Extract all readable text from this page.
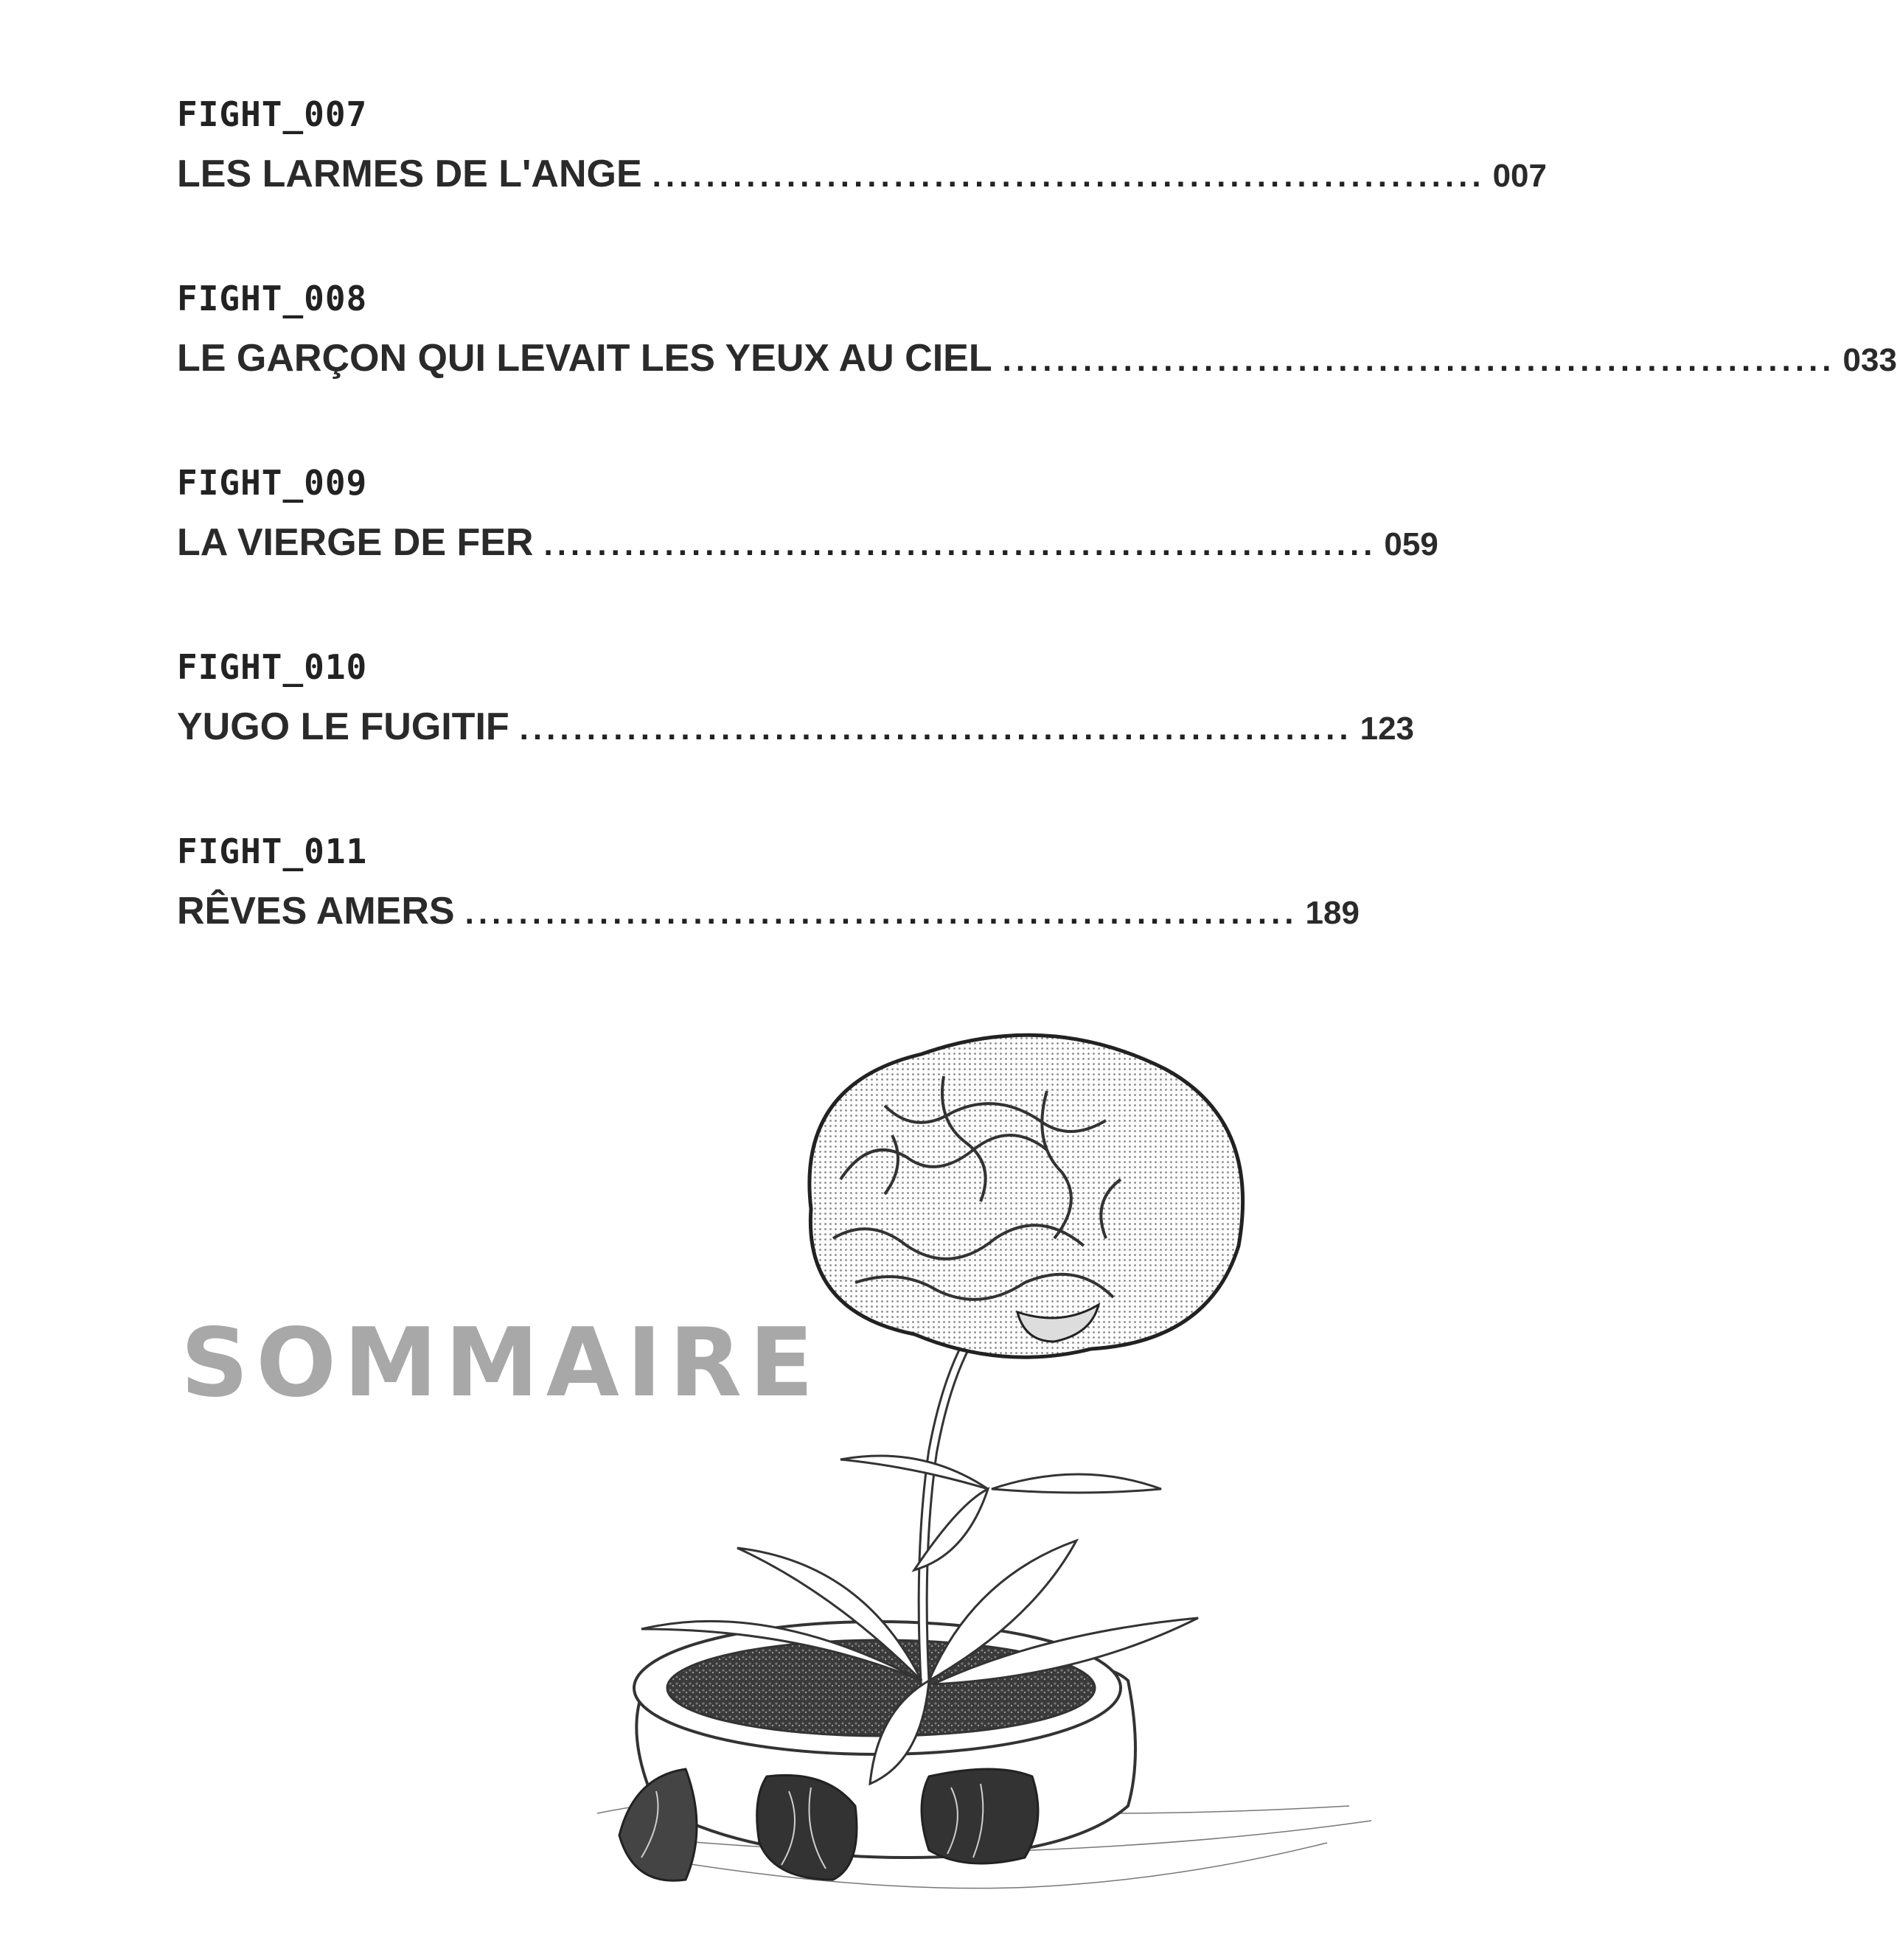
FIGHT_007
LES LARMES DE L'ANGE .............................................................. 007
FIGHT_008
LE GARÇON QUI LEVAIT LES YEUX AU CIEL .............................................................. 033
FIGHT_009
LA VIERGE DE FER .............................................................. 059
FIGHT_010
YUGO LE FUGITIF .............................................................. 123
FIGHT_011
RÊVES AMERS .............................................................. 189
SOMMAIRE
